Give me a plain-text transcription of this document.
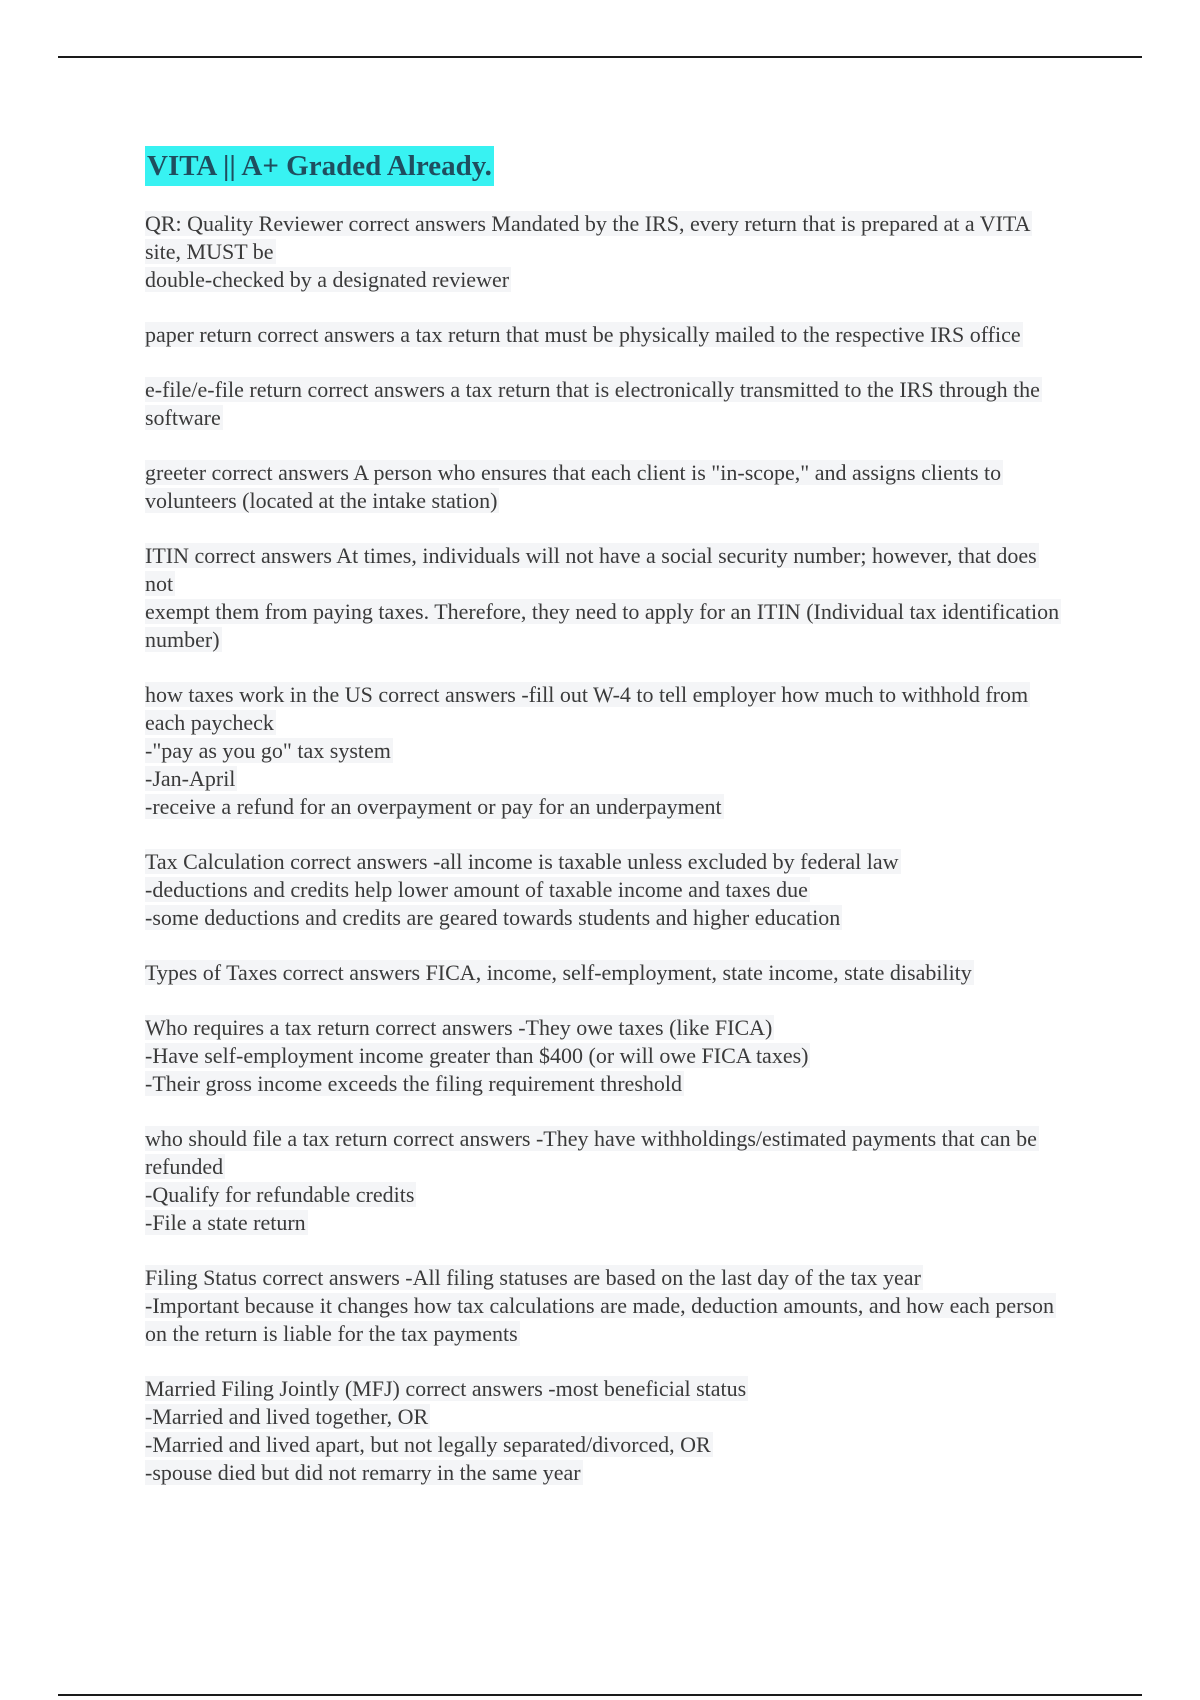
VITA || A+ Graded Already.

QR: Quality Reviewer correct answers Mandated by the IRS, every return that is prepared at a VITA site, MUST be

double-checked by a designated reviewer

paper return correct answers a tax return that must be physically mailed to the respective IRS office

e-file/e-file return correct answers a tax return that is electronically transmitted to the IRS through the software

greeter correct answers A person who ensures that each client is "in-scope," and assigns clients to volunteers (located at the intake station)

ITIN correct answers At times, individuals will not have a social security number; however, that does not

exempt them from paying taxes. Therefore, they need to apply for an ITIN (Individual tax identification number)

how taxes work in the US correct answers -fill out W-4 to tell employer how much to withhold from each paycheck

-"pay as you go" tax system

-Jan-April

-receive a refund for an overpayment or pay for an underpayment

Tax Calculation correct answers -all income is taxable unless excluded by federal law

-deductions and credits help lower amount of taxable income and taxes due

-some deductions and credits are geared towards students and higher education

Types of Taxes correct answers FICA, income, self-employment, state income, state disability

Who requires a tax return correct answers -They owe taxes (like FICA)

-Have self-employment income greater than $400 (or will owe FICA taxes)

-Their gross income exceeds the filing requirement threshold

who should file a tax return correct answers -They have withholdings/estimated payments that can be refunded

-Qualify for refundable credits

-File a state return

Filing Status correct answers -All filing statuses are based on the last day of the tax year

-Important because it changes how tax calculations are made, deduction amounts, and how each person on the return is liable for the tax payments

Married Filing Jointly (MFJ) correct answers -most beneficial status

-Married and lived together, OR

-Married and lived apart, but not legally separated/divorced, OR

-spouse died but did not remarry in the same year
